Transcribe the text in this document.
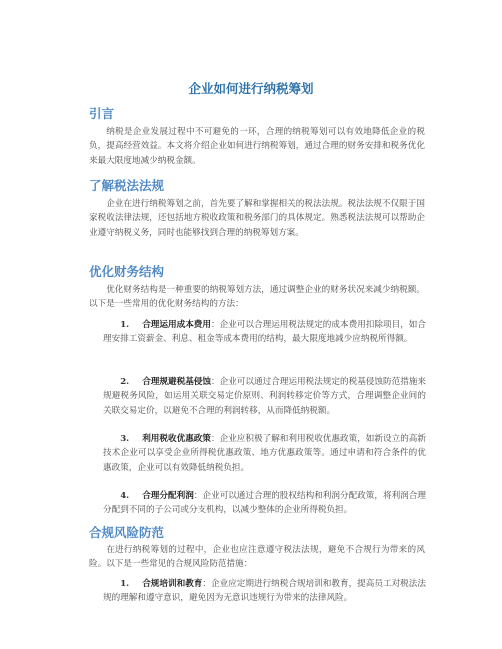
企业如何进行纳税筹划
引言
纳税是企业发展过程中不可避免的一环，合理的纳税筹划可以有效地降低企业的税负，提高经营效益。本文将介绍企业如何进行纳税筹划，通过合理的财务安排和税务优化来最大限度地减少纳税金额。
了解税法法规
企业在进行纳税筹划之前，首先要了解和掌握相关的税法法规。税法法规不仅限于国家税收法律法规，还包括地方税收政策和税务部门的具体规定。熟悉税法法规可以帮助企业遵守纳税义务，同时也能够找到合理的纳税筹划方案。
优化财务结构
优化财务结构是一种重要的纳税筹划方法，通过调整企业的财务状况来减少纳税额。以下是一些常用的优化财务结构的方法：
1. 合理运用成本费用：企业可以合理运用税法规定的成本费用扣除项目，如合理安排工资薪金、利息、租金等成本费用的结构，最大限度地减少应纳税所得额。
2. 合理规避税基侵蚀：企业可以通过合理运用税法规定的税基侵蚀防范措施来规避税务风险，如运用关联交易定价原则、利润转移定价等方式，合理调整企业间的关联交易定价，以避免不合理的利润转移，从而降低纳税额。
3. 利用税收优惠政策：企业应积极了解和利用税收优惠政策，如新设立的高新技术企业可以享受企业所得税优惠政策、地方优惠政策等。通过申请和符合条件的优惠政策，企业可以有效降低纳税负担。
4. 合理分配利润：企业可以通过合理的股权结构和利润分配政策，将利润合理分配到不同的子公司或分支机构，以减少整体的企业所得税负担。
合规风险防范
在进行纳税筹划的过程中，企业也应注意遵守税法法规，避免不合规行为带来的风险。以下是一些常见的合规风险防范措施：
1. 合规培训和教育：企业应定期进行纳税合规培训和教育，提高员工对税法法规的理解和遵守意识，避免因为无意识违规行为带来的法律风险。
